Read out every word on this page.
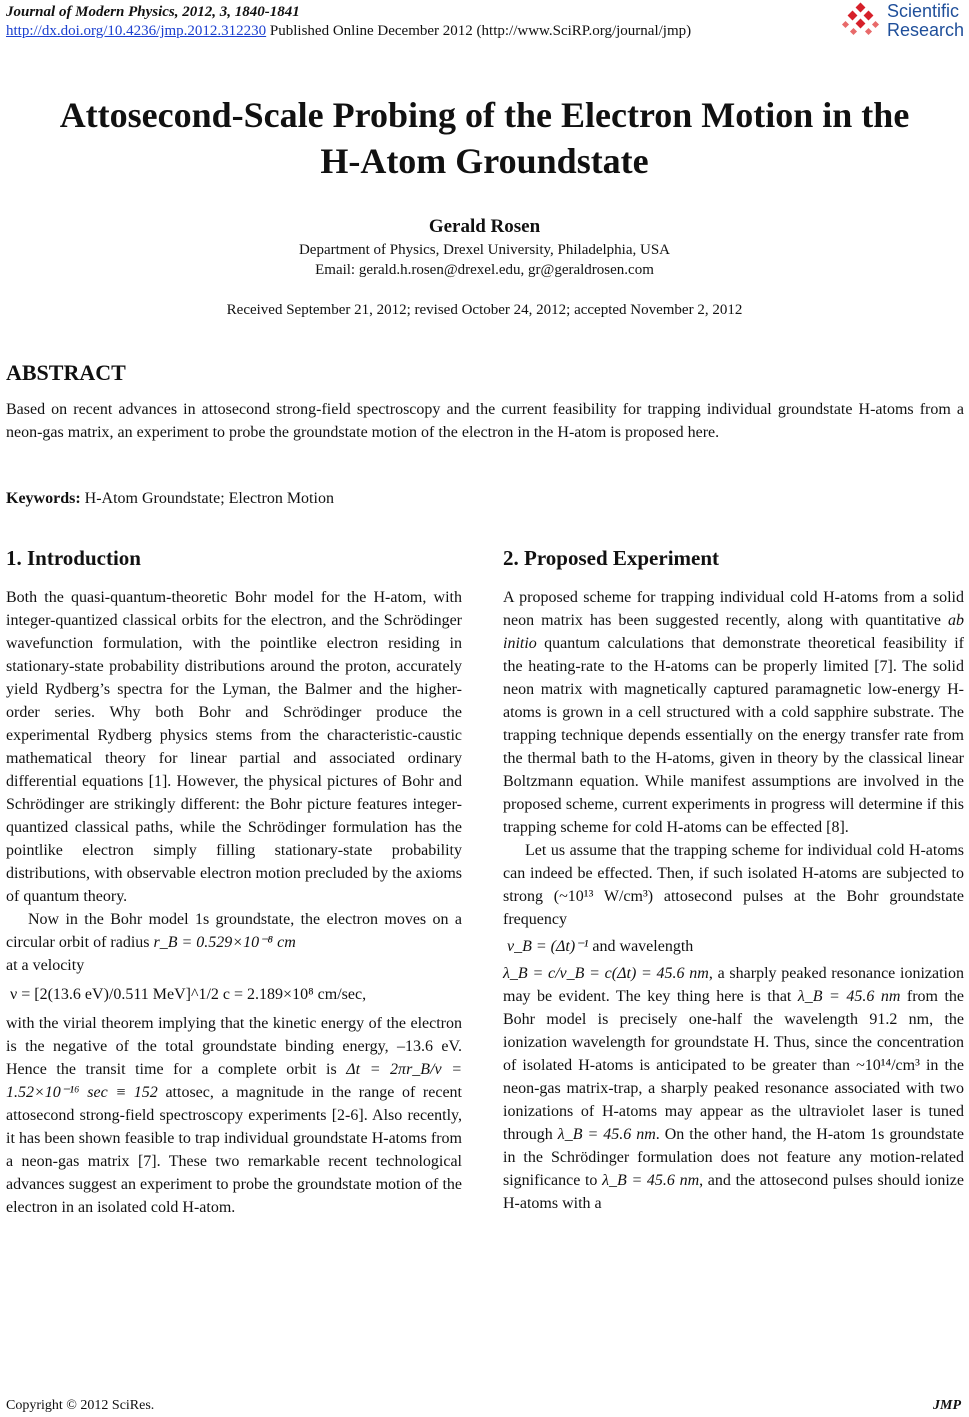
Journal of Modern Physics, 2012, 3, 1840-1841
http://dx.doi.org/10.4236/jmp.2012.312230 Published Online December 2012 (http://www.SciRP.org/journal/jmp)
Scientific
Research
Attosecond-Scale Probing of the Electron Motion in the
H-Atom Groundstate
Gerald Rosen
Department of Physics, Drexel University, Philadelphia, USA
Email: gerald.h.rosen@drexel.edu, gr@geraldrosen.com
Received September 21, 2012; revised October 24, 2012; accepted November 2, 2012
ABSTRACT
Based on recent advances in attosecond strong-field spectroscopy and the current feasibility for trapping individual groundstate H-atoms from a neon-gas matrix, an experiment to probe the groundstate motion of the electron in the H-atom is proposed here.
Keywords: H-Atom Groundstate; Electron Motion
1. Introduction

Both the quasi-quantum-theoretic Bohr model for the H-atom, with integer-quantized classical orbits for the electron, and the Schrödinger wavefunction formulation, with the pointlike electron residing in stationary-state probability distributions around the proton, accurately yield Rydberg’s spectra for the Lyman, the Balmer and the higher-order series. Why both Bohr and Schrödinger produce the experimental Rydberg physics stems from the characteristic-caustic mathematical theory for linear partial and associated ordinary differential equations [1]. However, the physical pictures of Bohr and Schrödinger are strikingly different: the Bohr picture features integer-quantized classical paths, while the Schrödinger formulation has the pointlike electron simply filling stationary-state probability distributions, with observable electron motion precluded by the axioms of quantum theory.

Now in the Bohr model 1s groundstate, the electron moves on a circular orbit of radius r_B = 0.529×10⁻⁸ cm

at a velocity

ν = [2(13.6 eV)/0.511 MeV]^1/2 c = 2.189×10⁸ cm/sec,

with the virial theorem implying that the kinetic energy of the electron is the negative of the total groundstate binding energy, –13.6 eV. Hence the transit time for a complete orbit is Δt = 2πr_B/ν = 1.52×10⁻¹⁶ sec ≡ 152 attosec, a magnitude in the range of recent attosecond strong-field spectroscopy experiments [2-6]. Also recently, it has been shown feasible to trap individual groundstate H-atoms from a neon-gas matrix [7]. These two remarkable recent technological advances suggest an experiment to probe the groundstate motion of the electron in an isolated cold H-atom.

2. Proposed Experiment

A proposed scheme for trapping individual cold H-atoms from a solid neon matrix has been suggested recently, along with quantitative ab initio quantum calculations that demonstrate theoretical feasibility if the heating-rate to the H-atoms can be properly limited [7]. The solid neon matrix with magnetically captured paramagnetic low-energy H-atoms is grown in a cell structured with a cold sapphire substrate. The trapping technique depends essentially on the energy transfer rate from the thermal bath to the H-atoms, given in theory by the classical linear Boltzmann equation. While manifest assumptions are involved in the proposed scheme, current experiments in progress will determine if this trapping scheme for cold H-atoms can be effected [8].

Let us assume that the trapping scheme for individual cold H-atoms can indeed be effected. Then, if such isolated H-atoms are subjected to strong (~10¹³ W/cm³) attosecond pulses at the Bohr groundstate frequency

ν_B = (Δt)⁻¹ and wavelength

λ_B = c/ν_B = c(Δt) = 45.6 nm, a sharply peaked resonance ionization may be evident. The key thing here is that λ_B = 45.6 nm from the Bohr model is precisely one-half the wavelength 91.2 nm, the ionization wavelength for groundstate H. Thus, since the concentration of isolated H-atoms is anticipated to be greater than ~10¹⁴/cm³ in the neon-gas matrix-trap, a sharply peaked resonance associated with two ionizations of H-atoms may appear as the ultraviolet laser is tuned through λ_B = 45.6 nm. On the other hand, the H-atom 1s groundstate in the Schrödinger formulation does not feature any motion-related significance to λ_B = 45.6 nm, and the attosecond pulses should ionize H-atoms with a

Copyright © 2012 SciRes.	JMP
